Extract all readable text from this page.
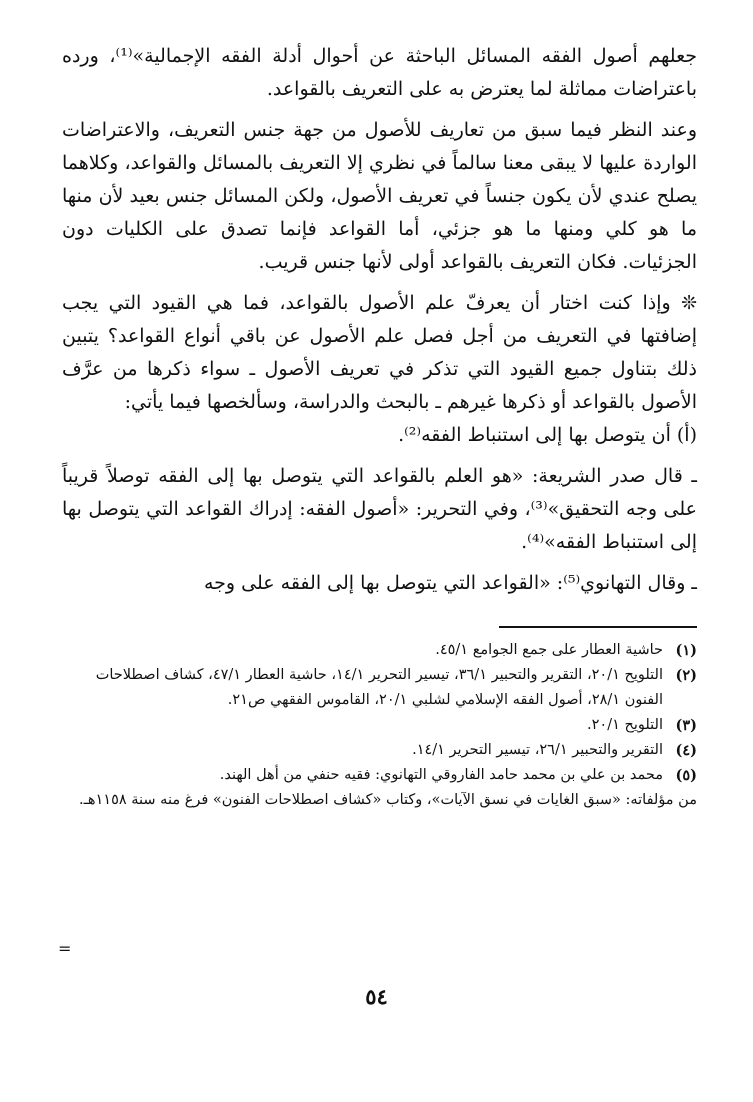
جعلهم أصول الفقه المسائل الباحثة عن أحوال أدلة الفقه الإجمالية»⁽¹⁾، ورده باعتراضات مماثلة لما يعترض به على التعريف بالقواعد.

وعند النظر فيما سبق من تعاريف للأصول من جهة جنس التعريف، والاعتراضات الواردة عليها لا يبقى معنا سالماً في نظري إلا التعريف بالمسائل والقواعد، وكلاهما يصلح عندي لأن يكون جنساً في تعريف الأصول، ولكن المسائل جنس بعيد لأن منها ما هو كلي ومنها ما هو جزئي، أما القواعد فإنما تصدق على الكليات دون الجزئيات. فكان التعريف بالقواعد أولى لأنها جنس قريب.

❊ وإذا كنت اختار أن يعرفّ علم الأصول بالقواعد، فما هي القيود التي يجب إضافتها في التعريف من أجل فصل علم الأصول عن باقي أنواع القواعد؟ يتبين ذلك بتناول جميع القيود التي تذكر في تعريف الأصول ـ سواء ذكرها من عرَّف الأصول بالقواعد أو ذكرها غيرهم ـ بالبحث والدراسة، وسألخصها فيما يأتي:

(أ) أن يتوصل بها إلى استنباط الفقه⁽²⁾.

ـ قال صدر الشريعة: «هو العلم بالقواعد التي يتوصل بها إلى الفقه توصلاً قريباً على وجه التحقيق»⁽³⁾، وفي التحرير: «أصول الفقه: إدراك القواعد التي يتوصل بها إلى استنباط الفقه»⁽⁴⁾.

ـ وقال التهانوي⁽⁵⁾: «القواعد التي يتوصل بها إلى الفقه على وجه

(١)
حاشية العطار على جمع الجوامع ٤٥/١.
(٢)
التلويح ٢٠/١، التقرير والتحبير ٣٦/١، تيسير التحرير ١٤/١، حاشية العطار ٤٧/١، كشاف اصطلاحات الفنون ٢٨/١، أصول الفقه الإسلامي لشلبي ٢٠/١، القاموس الفقهي ص٢١.
(٣)
التلويح ٢٠/١.
(٤)
التقرير والتحبير ٢٦/١، تيسير التحرير ١٤/١.
(٥)
محمد بن علي بن محمد حامد الفاروقي التهانوي: فقيه حنفي من أهل الهند.
من مؤلفاته: «سبق الغايات في نسق الآيات»، وكتاب «كشاف اصطلاحات الفنون» فرغ منه سنة ١١٥٨هـ.
=
٥٤
